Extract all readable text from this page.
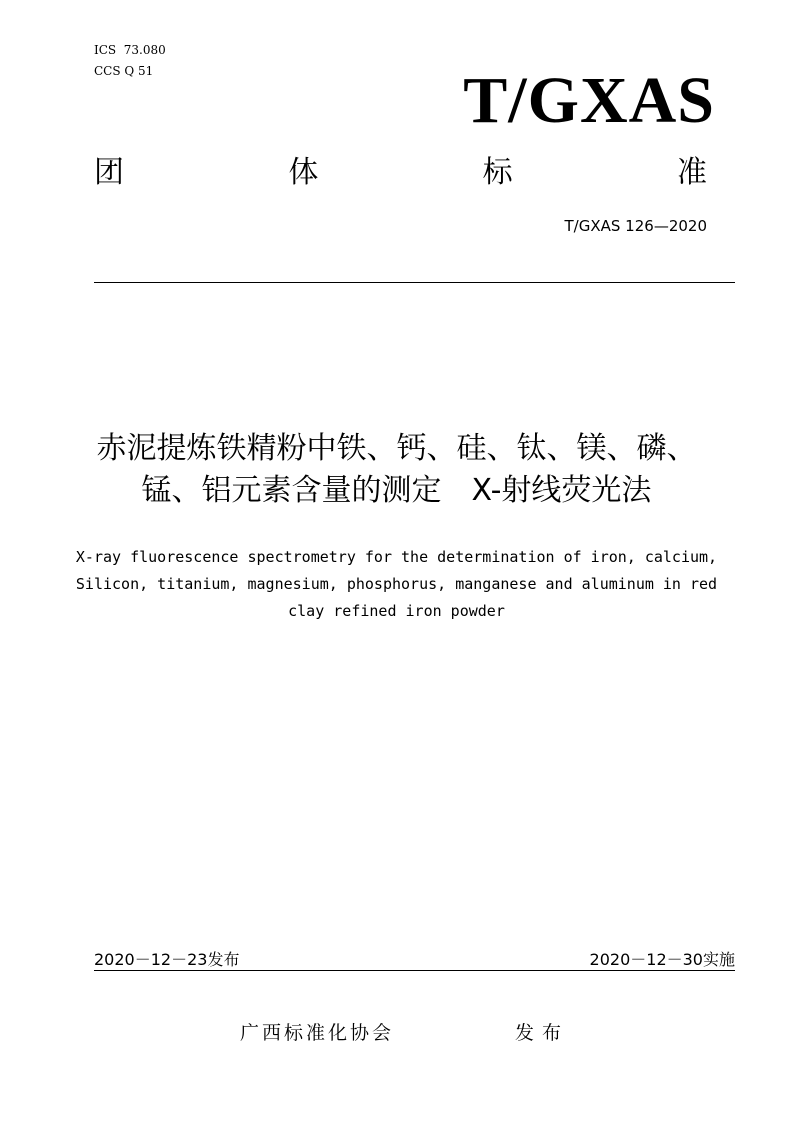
ICS  73.080
CCS Q 51	T/GXAS
团	体	标	准
T/GXAS 126—2020
赤泥提炼铁精粉中铁、钙、硅、钛、镁、磷、
锰、铝元素含量的测定　X-射线荧光法
X-ray fluorescence spectrometry for the determination of iron, calcium,
Silicon, titanium, magnesium, phosphorus, manganese and aluminum in red
clay refined iron powder
2020－12－23发布	2020－12－30实施
广西标准化协会	发布
